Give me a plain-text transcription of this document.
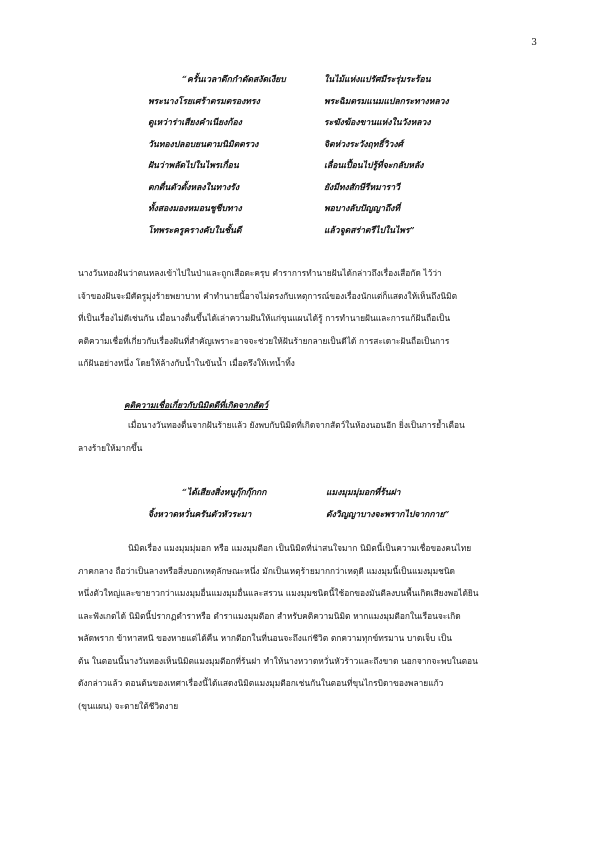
3
“ครั้นเวลาดึกกำดัดสงัดเงียบ	ในไม้แห่งแปรัศมีระรุ่มระร้อน
พระนางโรยเศร้าตรมตรองทรง	พระฉิมตรมแนมแปลกระทางหลวง
ดูเหว่าร่าเสียงคำเนียงก้อง	ระฆังฆ้องขานแห่งในวังหลวง
วันทองปลอบยนตามนิมิตตรวง	จิตห่วงระวังฤทธิ์วิวงศ์
ฝันว่าพลัดไปในไพรเกื่อน	เลื่อนเปื้อนไปรู้ที่จะกลับหลัง
ตกตื่นตัวตั้งหลงในทางรัง	ยังมีทงสักษีรีหมาราวี
ทั้งสองมองหมอนชูชีบทาง	พอบางลับปัญญาถึงที่
โทพระครูครางคับในชั้นดี	แล้วจูดสร่าตรีไปในไพร”

นางวันทองฝันว่าตนหลงเข้าไปในป่าและถูกเสือตะครุบ คำราการทำนายฝันได้กล่าวถึงเรื่องเสือกัด ไว้ว่า

เจ้าของฝันจะมีศัตรูมุ่งร้ายพยาบาท คำทำนายนี้อาจไม่ตรงกับเหตุการณ์ของเรื่องนักแต่ก็แสดงให้เห็นถึงนิมิต

ที่เป็นเรื่องไม่ดีเช่นกัน เมื่อนางตื่นขึ้นได้เล่าความฝันให้แก่ขุนแผนได้รู้ การทำนายฝันและการแก้ฝันถือเป็น

คติความเชื่อที่เกี่ยวกับเรื่องฝันที่สำคัญเพราะอาจจะช่วยให้ฝันร้ายกลายเป็นดีได้ การสะเดาะฝันถือเป็นการ

แก้ฝันอย่างหนึ่ง โดยให้ล้างกับน้ำในขันน้ำ เมื่อตรึงให้เทน้ำทิ้ง

คติความเชื่อเกี่ยวกับนิมิตดีที่เกิดจากสัตว์

เมื่อนางวันทองตื่นจากฝันร้ายแล้ว ยังพบกับนิมิตที่เกิดจากสัตว์ในห้องนอนอีก ยิ่งเป็นการย้ำเตือน

ลางร้ายให้มากขึ้น

“ได้เสียงสิ่งหนูกุ๊กกุ๊กกก	แมงมุมมุ่มอกที่ร้นฝา
จิ้งหวาดหวั่นครันตัวหัวระมา	ดังวิญญาบางจะพรากไปจากกาย”

นิมิตเรื่อง แมงมุมมุ่มอก หรือ แมงมุมตีอก เป็นนิมิตที่น่าสนใจมาก นิมิตนี้เป็นความเชื่อของคนไทย

ภาคกลาง ถือว่าเป็นลางหรือสิ่งบอกเหตุลักษณะหนึ่ง มักเป็นเหตุร้ายมากกว่าเหตุดี แมงมุมนี้เป็นแมงมุมชนิด

หนึ่งตัวใหญ่และขายาวกว่าแมงมุมอื่นแมงมุมอื่นและสรวน แมงมุมชนิดนี้ใช้อกของมันตีลงบนพื้นเกิดเสียงพอได้ยิน

และฟังเกตได้ นิมิตนี้ปรากฏตำราหรือ ตำราแมงมุมตีอก สำหรับคติความนิมิต หากแมงมุมตีอกในเรือนจะเกิด

พลัดพราก ข้าทาสหนี ของหายแต่ได้คืน หากตีอกในที่นอนจะถึงแก่ชีวิต ตกความทุกข์ทรมาน บาดเจ็บ เป็น

ต้น ในตอนนี้นางวันทองเห็นนิมิตแมงมุมตีอกที่ร้นฝา ทำให้นางหวาดหวั่นหัวร้าวและถึงขาด นอกจากจะพบในตอน

ดังกล่าวแล้ว ตอนต้นของเทศาเรื่องนี้ได้แสดงนิมิตแมงมุมตีอกเช่นกันในตอนที่ขุนไกรบิดาของพลายแก้ว

(ขุนแผน) จะตายใต้ชีวิตงาย
